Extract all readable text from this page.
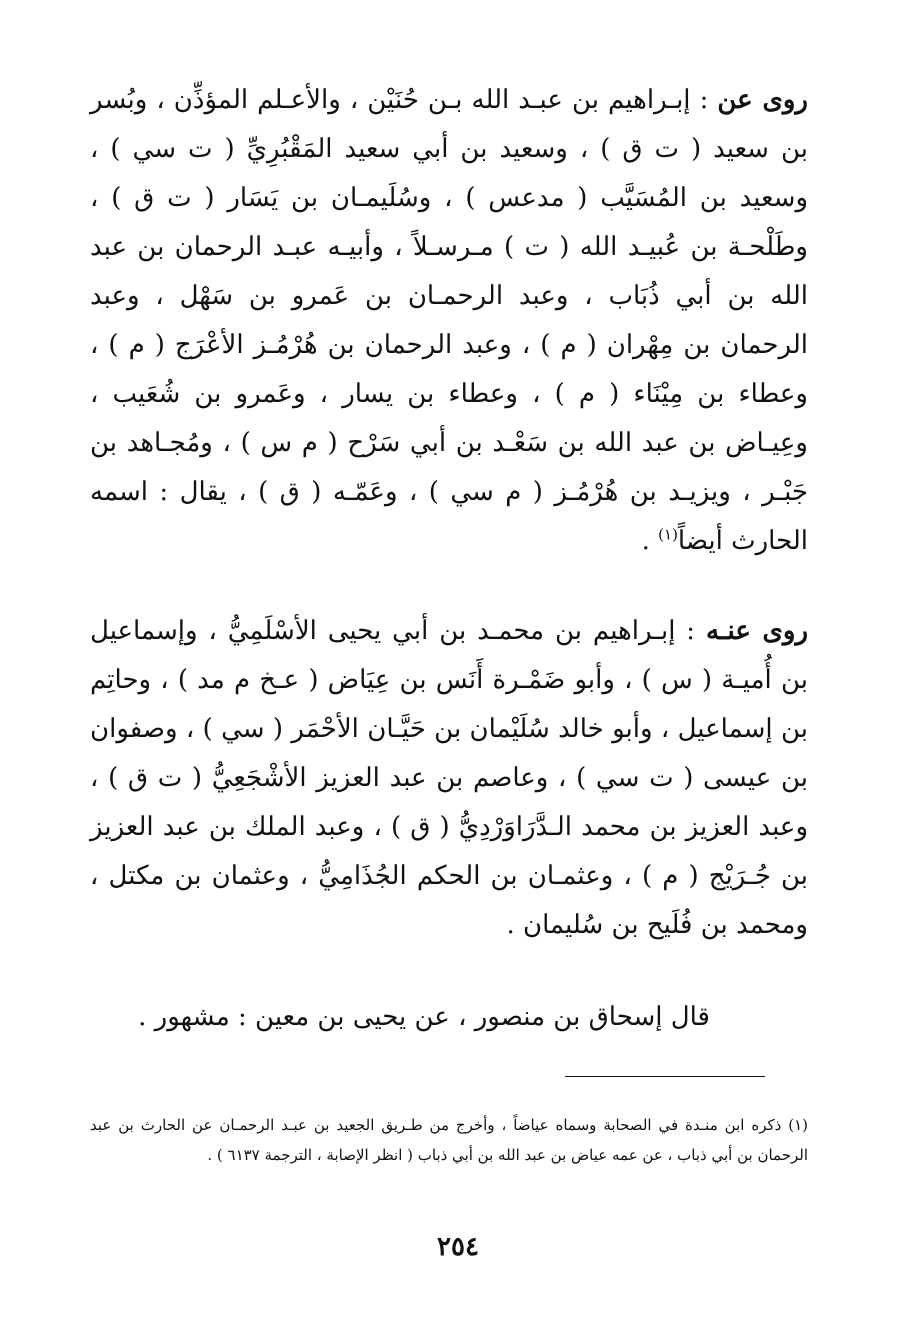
روى عن : إبـراهيم بن عبـد الله بـن حُنَيْن ، والأعـلم المؤذِّن ، وبُسر بن سعيد ( ت ق ) ، وسعيد بن أبي سعيد المَقْبُرِيِّ ( ت سي ) ، وسعيد بن المُسَيَّب ( مدعس ) ، وسُلَيمـان بن يَسَار ( ت ق ) ، وطَلْحـة بن عُبيـد الله ( ت ) مـرسـلاً ، وأبيـه عبـد الرحمان بن عبد الله بن أبي ذُبَاب ، وعبد الرحمـان بن عَمرو بن سَهْل ، وعبد الرحمان بن مِهْران ( م ) ، وعبد الرحمان بن هُرْمُـز الأعْرَج ( م ) ، وعطاء بن مِيْنَاء ( م ) ، وعطاء بن يسار ، وعَمرو بن شُعَيب ، وعِيـاض بن عبد الله بن سَعْـد بن أبي سَرْح ( م س ) ، ومُجـاهد بن جَبْـر ، ويزيـد بن هُرْمُـز ( م سي ) ، وعَمّـه ( ق ) ، يقال : اسمه الحارث أيضاً$^{(١)}$ .

روى عنـه : إبـراهيم بن محمـد بن أبي يحيى الأسْلَمِيُّ ، وإسماعيل بن أُميـة ( س ) ، وأبو ضَمْـرة أَنَس بن عِيَاض ( عـخ م مد ) ، وحاتِم بن إسماعيل ، وأبو خالد سُلَيْمان بن حَيَّـان الأحْمَر ( سي ) ، وصفوان بن عيسى ( ت سي ) ، وعاصم بن عبد العزيز الأشْجَعِيُّ ( ت ق ) ، وعبد العزيز بن محمد الـدَّرَاوَرْدِيُّ ( ق ) ، وعبد الملك بن عبد العزيز بن جُـرَيْج ( م ) ، وعثمـان بن الحكم الجُذَامِيُّ ، وعثمان بن مكتل ، ومحمد بن فُلَيح بن سُليمان .

قال إسحاق بن منصور ، عن يحيى بن معين : مشهور .

(١) ذكره ابن منـدة في الصحابة وسماه عياضاً ، وأخرج من طـريق الجعيد بن عبـد الرحمـان عن الحارث بن عبد الرحمان بن أبي ذباب ، عن عمه عياض بن عبد الله بن أبي ذباب ( انظر الإصابة ، الترجمة ٦١٣٧ ) .

٢٥٤
